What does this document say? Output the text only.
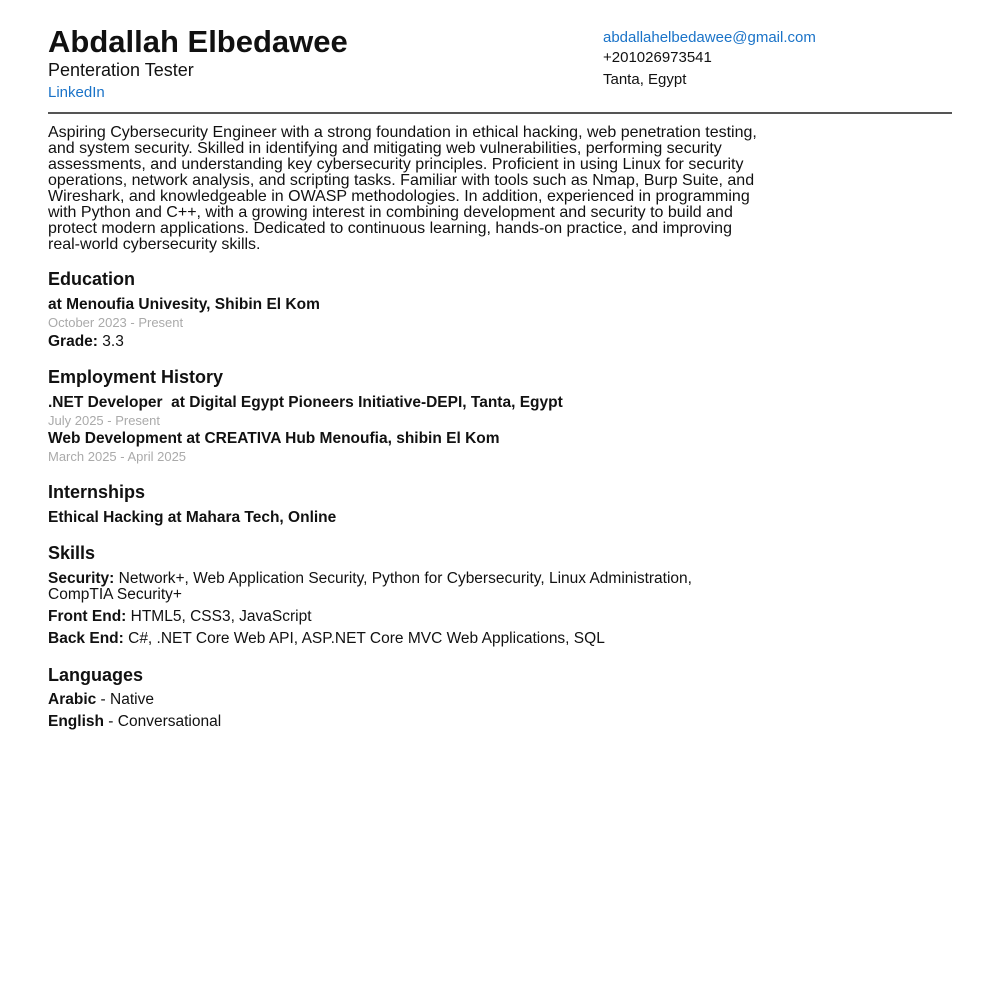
Abdallah Elbedawee
Penteration Tester
LinkedIn
abdallahelbedawee@gmail.com
+201026973541
Tanta, Egypt
Aspiring Cybersecurity Engineer with a strong foundation in ethical hacking, web penetration testing,
and system security. Skilled in identifying and mitigating web vulnerabilities, performing security
assessments, and understanding key cybersecurity principles. Proficient in using Linux for security
operations, network analysis, and scripting tasks. Familiar with tools such as Nmap, Burp Suite, and
Wireshark, and knowledgeable in OWASP methodologies. In addition, experienced in programming
with Python and C++, with a growing interest in combining development and security to build and
protect modern applications. Dedicated to continuous learning, hands-on practice, and improving
real-world cybersecurity skills.
Education
at Menoufia Univesity, Shibin El Kom
October 2023 - Present
Grade: 3.3
Employment History
.NET Developer  at Digital Egypt Pioneers Initiative-DEPI, Tanta, Egypt
July 2025 - Present
Web Development at CREATIVA Hub Menoufia, shibin El Kom
March 2025 - April 2025
Internships
Ethical Hacking at Mahara Tech, Online
Skills
Security: Network+, Web Application Security, Python for Cybersecurity, Linux Administration,
CompTIA Security+
Front End: HTML5, CSS3, JavaScript
Back End: C#, .NET Core Web API, ASP.NET Core MVC Web Applications, SQL
Languages
Arabic - Native
English - Conversational
